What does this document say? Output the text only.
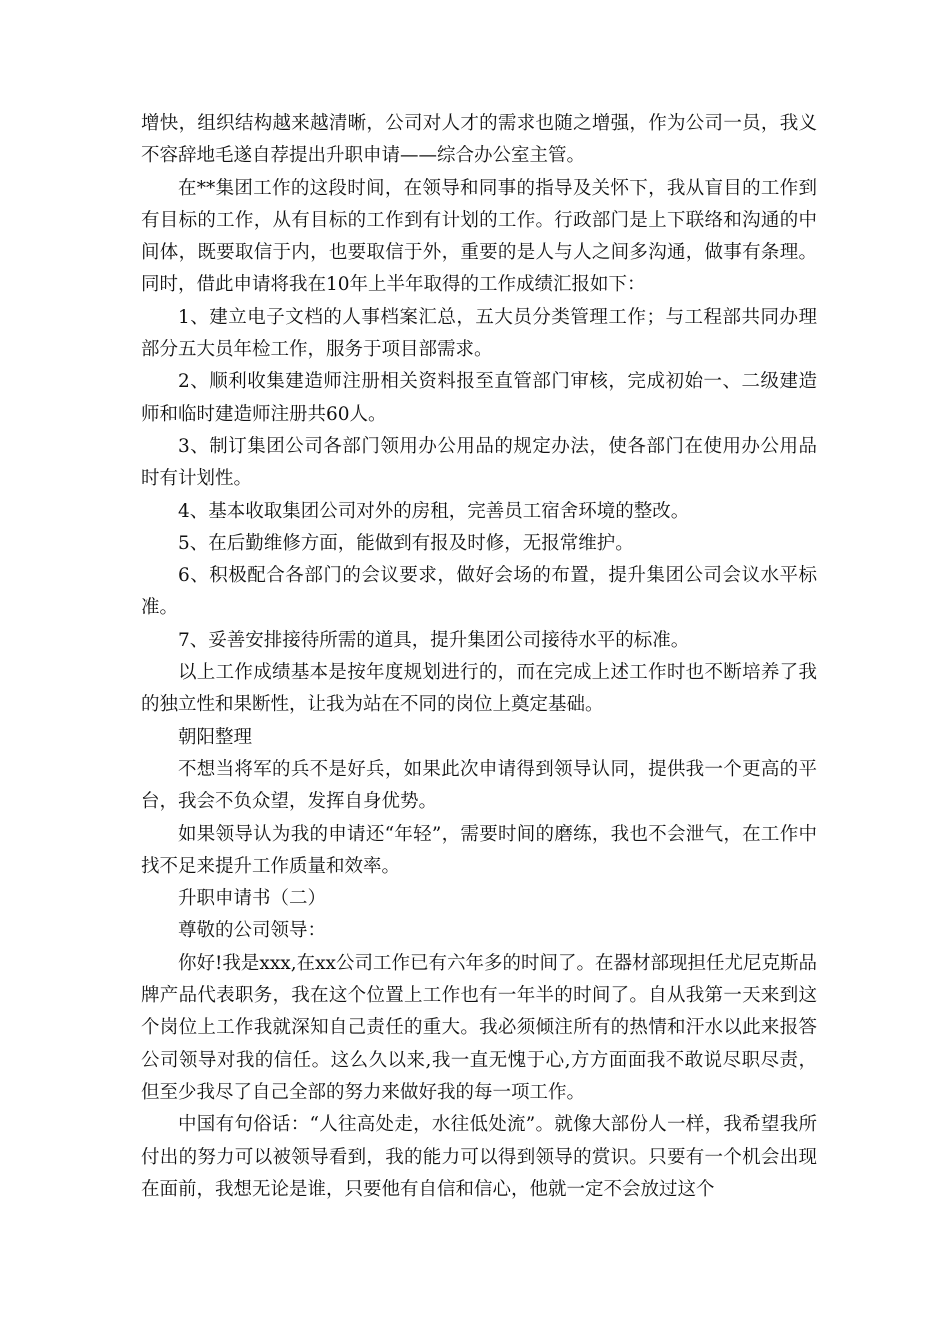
增快，组织结构越来越清晰，公司对人才的需求也随之增强，作为公司一员，我义不容辞地毛遂自荐提出升职申请——综合办公室主管。

在**集团工作的这段时间，在领导和同事的指导及关怀下，我从盲目的工作到有目标的工作，从有目标的工作到有计划的工作。行政部门是上下联络和沟通的中间体，既要取信于内，也要取信于外，重要的是人与人之间多沟通，做事有条理。同时，借此申请将我在10年上半年取得的工作成绩汇报如下：

1、建立电子文档的人事档案汇总，五大员分类管理工作；与工程部共同办理部分五大员年检工作，服务于项目部需求。

2、顺利收集建造师注册相关资料报至直管部门审核，完成初始一、二级建造师和临时建造师注册共60人。

3、制订集团公司各部门领用办公用品的规定办法，使各部门在使用办公用品时有计划性。

4、基本收取集团公司对外的房租，完善员工宿舍环境的整改。

5、在后勤维修方面，能做到有报及时修，无报常维护。

6、积极配合各部门的会议要求，做好会场的布置，提升集团公司会议水平标准。

7、妥善安排接待所需的道具，提升集团公司接待水平的标准。

以上工作成绩基本是按年度规划进行的，而在完成上述工作时也不断培养了我的独立性和果断性，让我为站在不同的岗位上奠定基础。

朝阳整理

不想当将军的兵不是好兵，如果此次申请得到领导认同，提供我一个更高的平台，我会不负众望，发挥自身优势。

如果领导认为我的申请还“年轻”，需要时间的磨练，我也不会泄气，在工作中找不足来提升工作质量和效率。

升职申请书（二）

尊敬的公司领导：

你好!我是xxx,在xx公司工作已有六年多的时间了。在器材部现担任尤尼克斯品牌产品代表职务，我在这个位置上工作也有一年半的时间了。自从我第一天来到这个岗位上工作我就深知自己责任的重大。我必须倾注所有的热情和汗水以此来报答公司领导对我的信任。这么久以来,我一直无愧于心,方方面面我不敢说尽职尽责，但至少我尽了自己全部的努力来做好我的每一项工作。

中国有句俗话：“人往高处走，水往低处流”。就像大部份人一样，我希望我所付出的努力可以被领导看到，我的能力可以得到领导的赏识。只要有一个机会出现在面前，我想无论是谁，只要他有自信和信心，他就一定不会放过这个
